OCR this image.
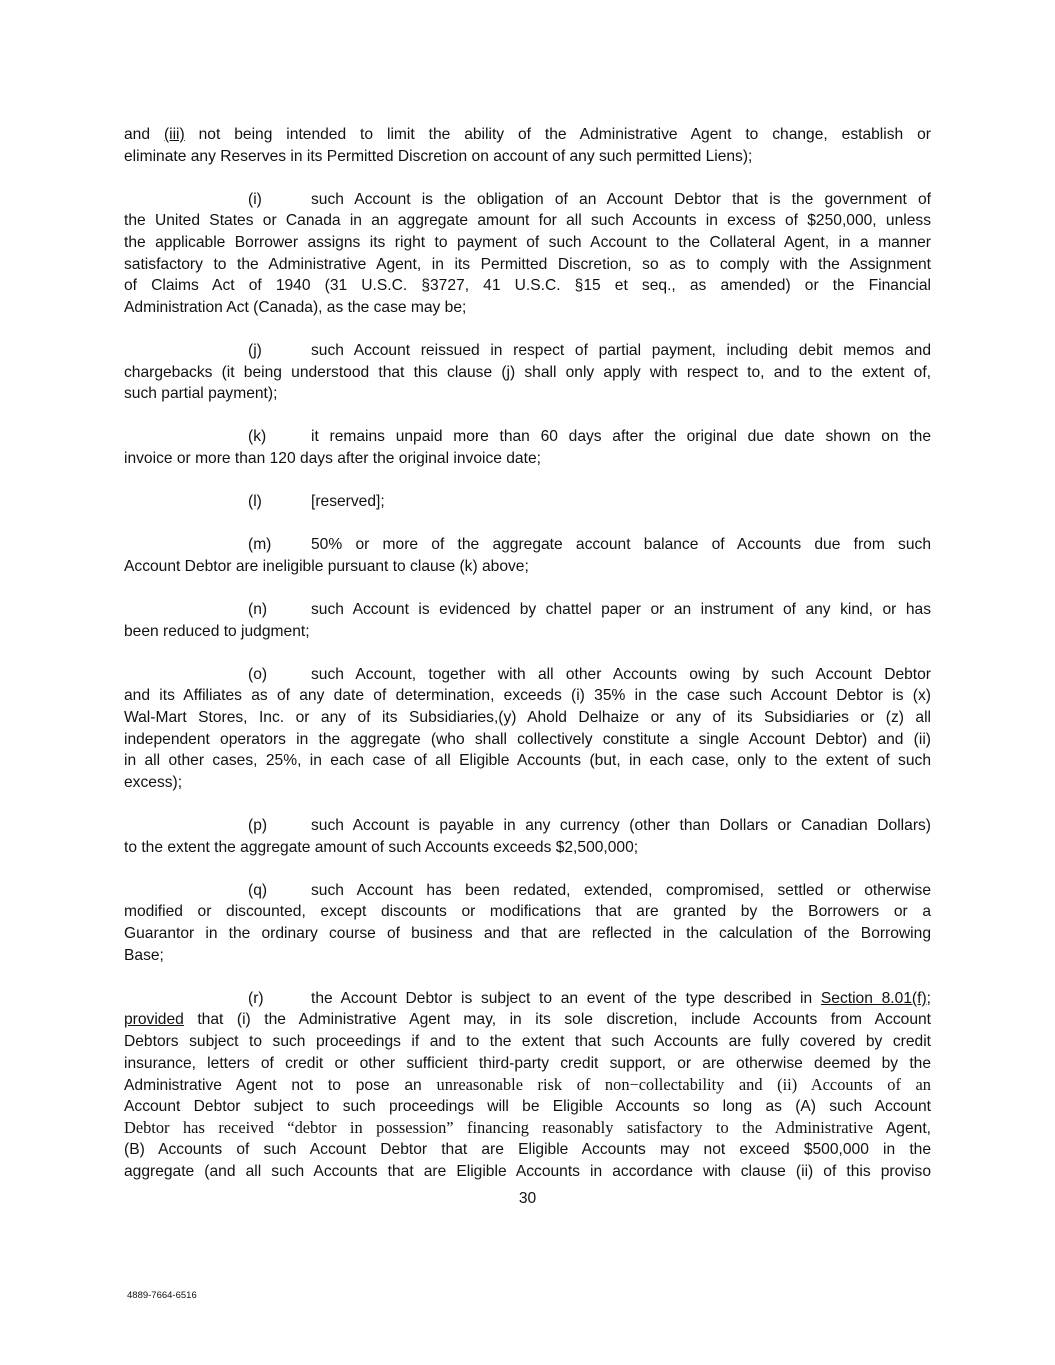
and (iii) not being intended to limit the ability of the Administrative Agent to change, establish or
eliminate any Reserves in its Permitted Discretion on account of any such permitted Liens);
(i)	such Account is the obligation of an Account Debtor that is the government of
the United States or Canada in an aggregate amount for all such Accounts in excess of $250,000, unless
the applicable Borrower assigns its right to payment of such Account to the Collateral Agent, in a manner
satisfactory to the Administrative Agent, in its Permitted Discretion, so as to comply with the Assignment
of Claims Act of 1940 (31 U.S.C. §3727, 41 U.S.C. §15 et seq., as amended) or the Financial
Administration Act (Canada), as the case may be;
(j)	such Account reissued in respect of partial payment, including debit memos and
chargebacks (it being understood that this clause (j) shall only apply with respect to, and to the extent of,
such partial payment);
(k)	it remains unpaid more than 60 days after the original due date shown on the
invoice or more than 120 days after the original invoice date;
(l)	[reserved];
(m)	50% or more of the aggregate account balance of Accounts due from such
Account Debtor are ineligible pursuant to clause (k) above;
(n)	such Account is evidenced by chattel paper or an instrument of any kind, or has
been reduced to judgment;
(o)	such Account, together with all other Accounts owing by such Account Debtor
and its Affiliates as of any date of determination, exceeds (i) 35% in the case such Account Debtor is (x)
Wal-Mart Stores, Inc. or any of its Subsidiaries,(y) Ahold Delhaize or any of its Subsidiaries or (z) all
independent operators in the aggregate (who shall collectively constitute a single Account Debtor) and (ii)
in all other cases, 25%, in each case of all Eligible Accounts (but, in each case, only to the extent of such
excess);
(p)	such Account is payable in any currency (other than Dollars or Canadian Dollars)
to the extent the aggregate amount of such Accounts exceeds $2,500,000;
(q)	such Account has been redated, extended, compromised, settled or otherwise
modified or discounted, except discounts or modifications that are granted by the Borrowers or a
Guarantor in the ordinary course of business and that are reflected in the calculation of the Borrowing
Base;
(r)	the Account Debtor is subject to an event of the type described in Section 8.01(f);
provided that (i) the Administrative Agent may, in its sole discretion, include Accounts from Account
Debtors subject to such proceedings if and to the extent that such Accounts are fully covered by credit
insurance, letters of credit or other sufficient third-party credit support, or are otherwise deemed by the
Administrative Agent not to pose an unreasonable risk of non−collectability and (ii) Accounts of an
Account Debtor subject to such proceedings will be Eligible Accounts so long as (A) such Account
Debtor has received “debtor in possession” financing reasonably satisfactory to the Administrative Agent,
(B) Accounts of such Account Debtor that are Eligible Accounts may not exceed $500,000 in the
aggregate (and all such Accounts that are Eligible Accounts in accordance with clause (ii) of this proviso
30
4889-7664-6516
